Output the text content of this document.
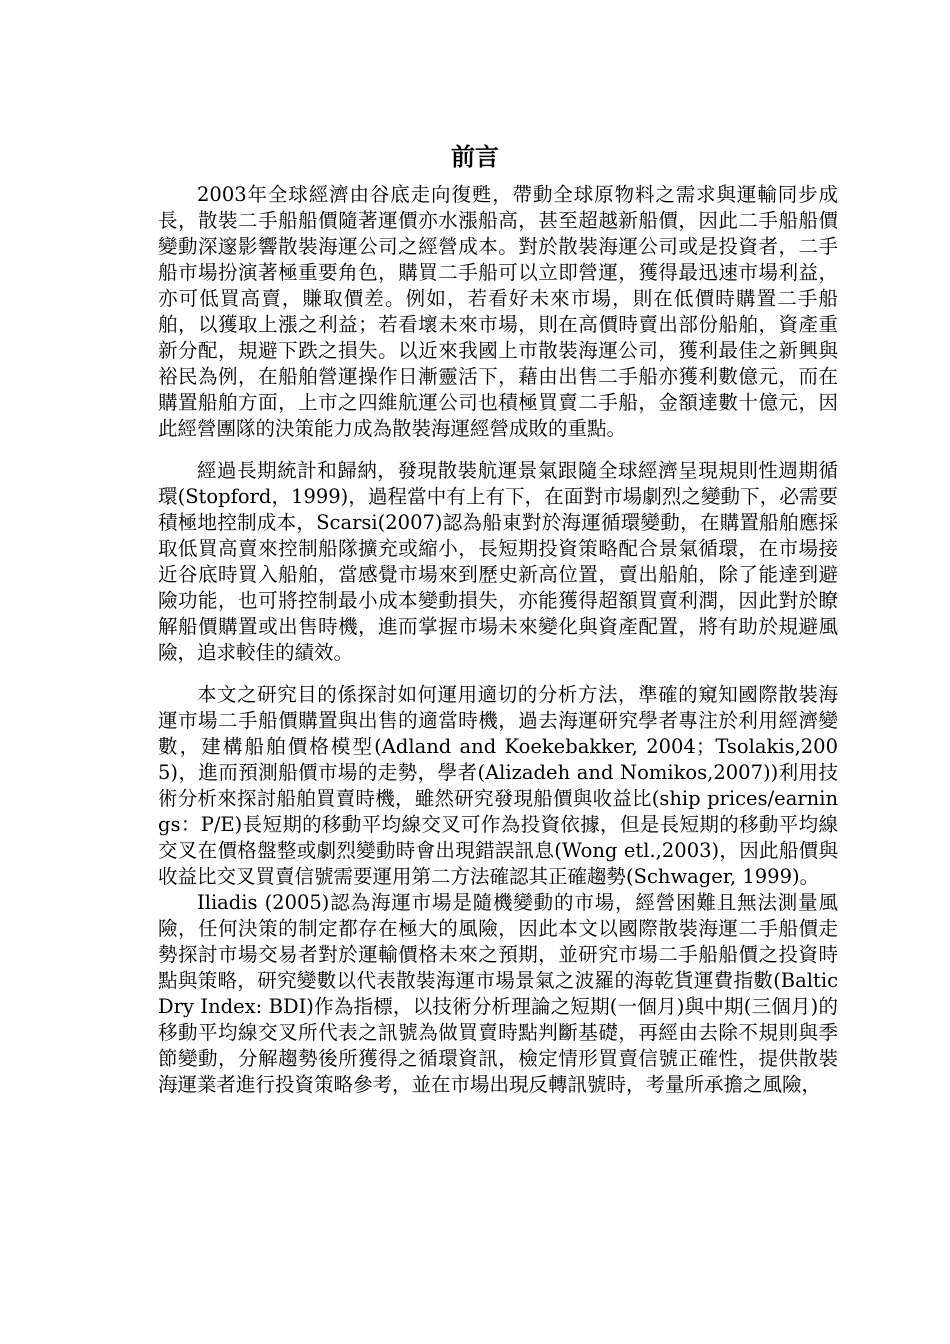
前言

2003年全球經濟由谷底走向復甦，帶動全球原物料之需求與運輸同步成長，散裝二手船船價隨著運價亦水漲船高，甚至超越新船價，因此二手船船價變動深邃影響散裝海運公司之經營成本。對於散裝海運公司或是投資者，二手船市場扮演著極重要角色，購買二手船可以立即營運，獲得最迅速市場利益，亦可低買高賣，賺取價差。例如，若看好未來市場，則在低價時購置二手船舶，以獲取上漲之利益；若看壞未來市場，則在高價時賣出部份船舶，資產重新分配，規避下跌之損失。以近來我國上市散裝海運公司，獲利最佳之新興與裕民為例，在船舶營運操作日漸靈活下，藉由出售二手船亦獲利數億元，而在購置船舶方面，上市之四維航運公司也積極買賣二手船，金額達數十億元，因此經營團隊的決策能力成為散裝海運經營成敗的重點。

經過長期統計和歸納，發現散裝航運景氣跟隨全球經濟呈現規則性週期循環(Stopford，1999)，過程當中有上有下，在面對市場劇烈之變動下，必需要積極地控制成本，Scarsi(2007)認為船東對於海運循環變動，在購置船舶應採取低買高賣來控制船隊擴充或縮小，長短期投資策略配合景氣循環，在市場接近谷底時買入船舶，當感覺市場來到歷史新高位置，賣出船舶，除了能達到避險功能，也可將控制最小成本變動損失，亦能獲得超額買賣利潤，因此對於瞭解船價購置或出售時機，進而掌握市場未來變化與資產配置，將有助於規避風險，追求較佳的績效。

本文之研究目的係探討如何運用適切的分析方法，準確的窺知國際散裝海運市場二手船價購置與出售的適當時機，過去海運研究學者專注於利用經濟變數，建構船舶價格模型(Adland and Koekebakker, 2004；Tsolakis,2005)，進而預測船價市場的走勢，學者(Alizadeh and Nomikos,2007))利用技術分析來探討船舶買賣時機，雖然研究發現船價與收益比(ship prices/earnings：P/E)長短期的移動平均線交叉可作為投資依據，但是長短期的移動平均線交叉在價格盤整或劇烈變動時會出現錯誤訊息(Wong etl.,2003)，因此船價與收益比交叉買賣信號需要運用第二方法確認其正確趨勢(Schwager, 1999)。

Iliadis (2005)認為海運市場是隨機變動的市場，經營困難且無法測量風險，任何決策的制定都存在極大的風險，因此本文以國際散裝海運二手船價走勢探討市場交易者對於運輸價格未來之預期，並研究市場二手船船價之投資時點與策略，研究變數以代表散裝海運市場景氣之波羅的海乾貨運費指數(Baltic Dry Index: BDI)作為指標，以技術分析理論之短期(一個月)與中期(三個月)的移動平均線交叉所代表之訊號為做買賣時點判斷基礎，再經由去除不規則與季節變動，分解趨勢後所獲得之循環資訊，檢定情形買賣信號正確性，提供散裝海運業者進行投資策略參考，並在市場出現反轉訊號時，考量所承擔之風險，
